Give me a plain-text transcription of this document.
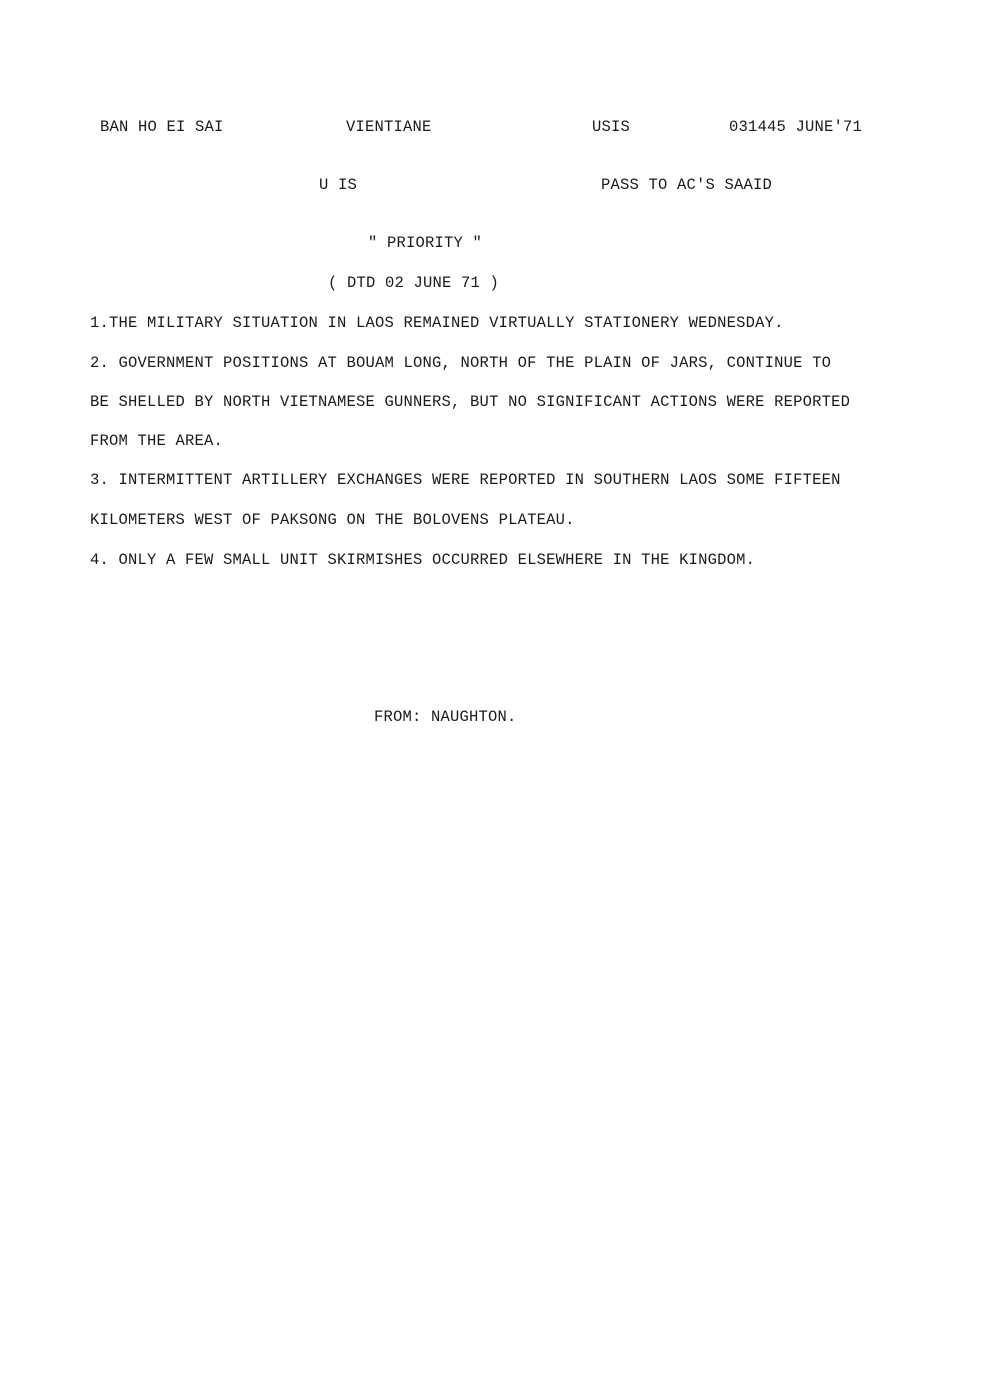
BAN HO EI SAI	VIENTIANE	USIS	031445 JUNE'71
U IS	PASS TO AC'S SAAID
" PRIORITY "
( DTD 02 JUNE 71 )
1.THE MILITARY SITUATION IN LAOS REMAINED VIRTUALLY STATIONERY WEDNESDAY.
2. GOVERNMENT POSITIONS AT BOUAM LONG, NORTH OF THE PLAIN OF JARS, CONTINUE TO
BE SHELLED BY NORTH VIETNAMESE GUNNERS, BUT NO SIGNIFICANT ACTIONS WERE REPORTED
FROM THE AREA.
3. INTERMITTENT ARTILLERY EXCHANGES WERE REPORTED IN SOUTHERN LAOS SOME FIFTEEN
KILOMETERS WEST OF PAKSONG ON THE BOLOVENS PLATEAU.
4. ONLY A FEW SMALL UNIT SKIRMISHES OCCURRED ELSEWHERE IN THE KINGDOM.
FROM: NAUGHTON.
